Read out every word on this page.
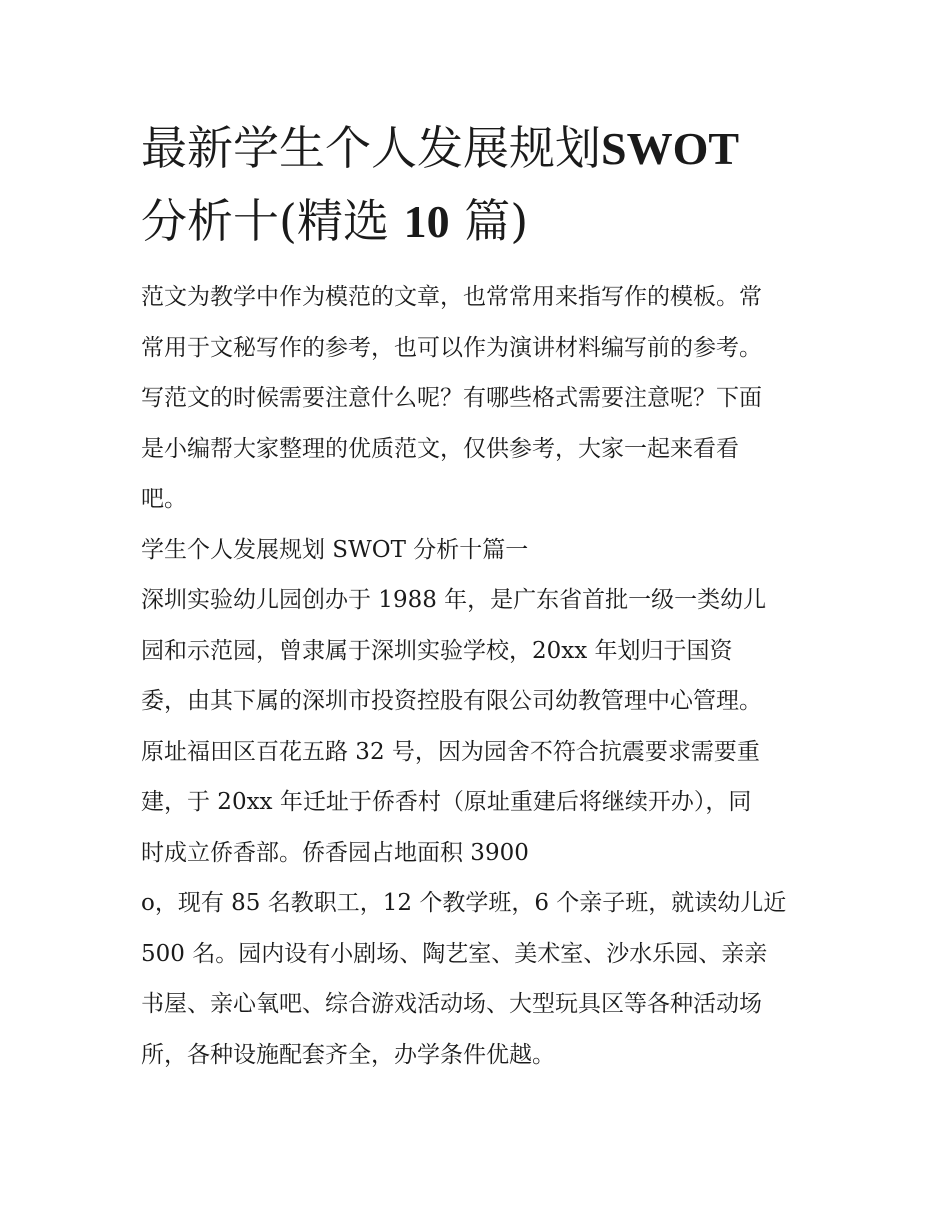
最新学生个人发展规划SWOT
分析十(精选 10 篇)
范文为教学中作为模范的文章，也常常用来指写作的模板。常
常用于文秘写作的参考，也可以作为演讲材料编写前的参考。
写范文的时候需要注意什么呢？有哪些格式需要注意呢？下面
是小编帮大家整理的优质范文，仅供参考，大家一起来看看
吧。
学生个人发展规划 SWOT 分析十篇一
深圳实验幼儿园创办于 1988 年，是广东省首批一级一类幼儿
园和示范园，曾隶属于深圳实验学校，20xx 年划归于国资
委，由其下属的深圳市投资控股有限公司幼教管理中心管理。
原址福田区百花五路 32 号，因为园舍不符合抗震要求需要重
建，于 20xx 年迁址于侨香村（原址重建后将继续开办），同
时成立侨香部。侨香园占地面积 3900
o，现有 85 名教职工，12 个教学班，6 个亲子班，就读幼儿近
500 名。园内设有小剧场、陶艺室、美术室、沙水乐园、亲亲
书屋、亲心氧吧、综合游戏活动场、大型玩具区等各种活动场
所，各种设施配套齐全，办学条件优越。
